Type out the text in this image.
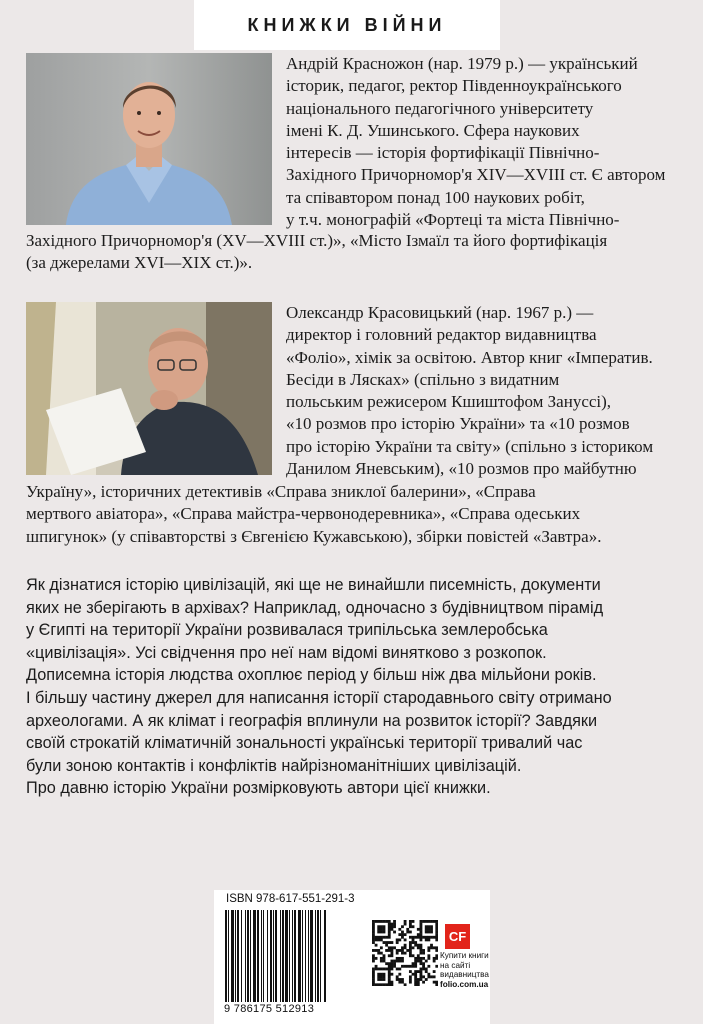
КНИЖКИ ВІЙНИ
Андрій Красножон (нар. 1979 р.) — український
історик, педагог, ректор Південноукраїнського
національного педагогічного університету
імені К. Д. Ушинського. Сфера наукових
інтересів — історія фортифікації Північно-
Західного Причорномор'я XIV—XVIII ст. Є автором
та співавтором понад 100 наукових робіт,
у т.ч. монографій «Фортеці та міста Північно-
Західного Причорномор'я (XV—XVIII ст.)», «Місто Ізмаїл та його фортифікація
(за джерелами XVI—XIX ст.)».
Олександр Красовицький (нар. 1967 р.) —
директор і головний редактор видавництва
«Фоліо», хімік за освітою. Автор книг «Імператив.
Бесіди в Лясках» (спільно з видатним
польським режисером Кшиштофом Зануссі),
«10 розмов про історію України» та «10 розмов
про історію України та світу» (спільно з істориком
Данилом Яневським), «10 розмов про майбутню
Україну», історичних детективів «Справа зниклої балерини», «Справа
мертвого авіатора», «Справа майстра-червонодеревника», «Справа одеських
шпигунок» (у співавторстві з Євгенією Кужавською), збірки повістей «Завтра».
Як дізнатися історію цивілізацій, які ще не винайшли писемність, документи
яких не зберігають в архівах? Наприклад, одночасно з будівництвом пірамід
у Єгипті на території України розвивалася трипільська землеробська
«цивілізація». Усі свідчення про неї нам відомі винятково з розкопок.
Дописемна історія людства охоплює період у більш ніж два мільйони років.
І більшу частину джерел для написання історії стародавнього світу отримано
археологами. А як клімат і географія вплинули на розвиток історії? Завдяки
своїй строкатій кліматичній зональності українські території тривалий час
були зоною контактів і конфліктів найрізноманітніших цивілізацій.
Про давню історію України розмірковують автори цієї книжки.
ISBN 978-617-551-291-3
9 786175 512913
CF
Купити книги
на сайті
видавництва
folio.com.ua
